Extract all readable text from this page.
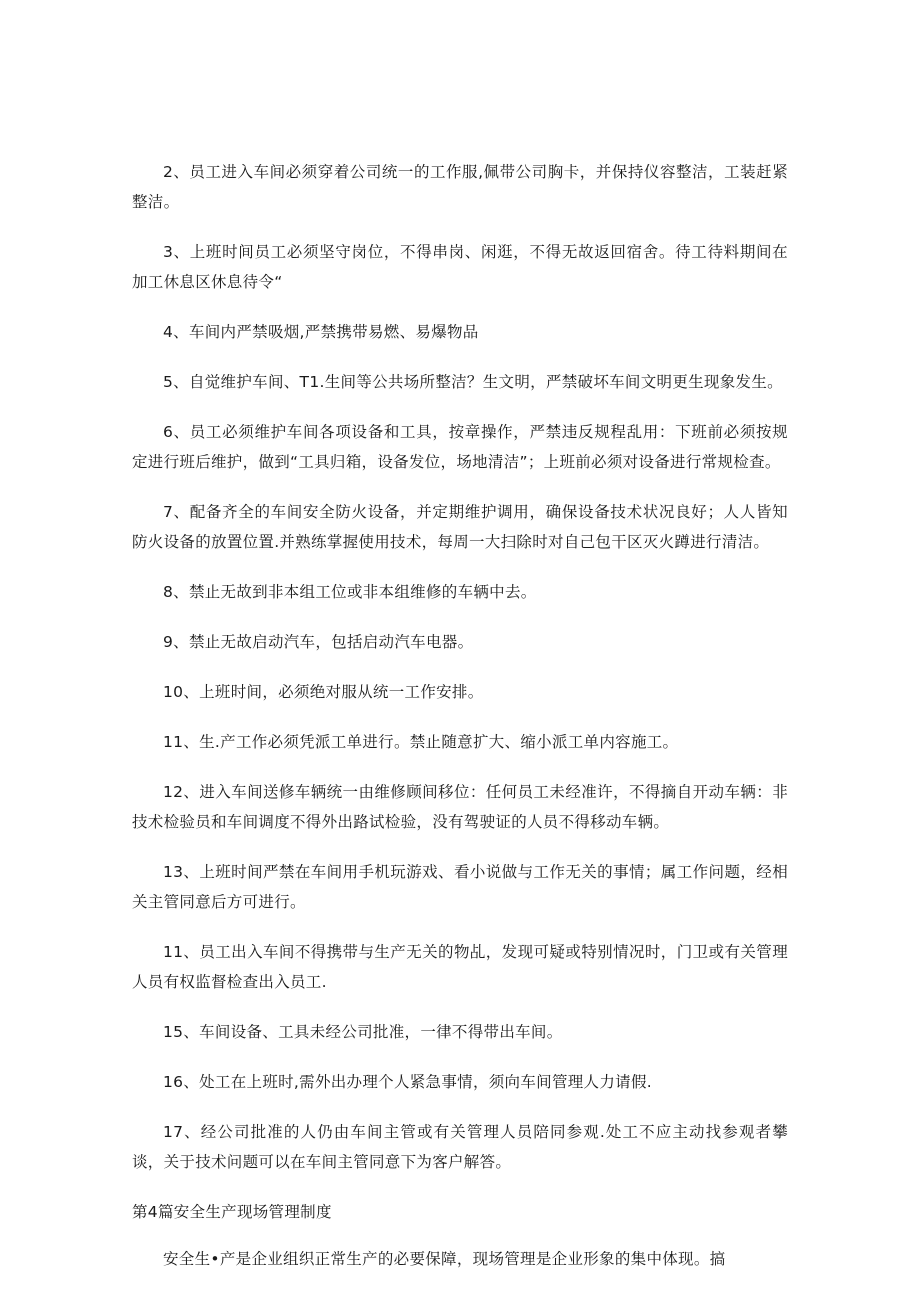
2、员工进入车间必须穿着公司统一的工作服,佩带公司胸卡，并保持仪容整洁，工装赶紧整洁。

3、上班时间员工必须坚守岗位，不得串岗、闲逛，不得无故返回宿舍。待工待料期间在加工休息区休息待令“

4、车间内严禁吸烟,严禁携带易燃、易爆物品

5、自觉维护车间、T1.生间等公共场所整洁？生文明，严禁破坏车间文明更生现象发生。

6、员工必须维护车间各项设备和工具，按章操作，严禁违反规程乱用：下班前必须按规定进行班后维护，做到“工具归箱，设备发位，场地清洁”；上班前必须对设备进行常规检查。

7、配备齐全的车间安全防火设备，并定期维护调用，确保设备技术状况良好；人人皆知防火设备的放置位置.并熟练掌握使用技术，每周一大扫除时对自己包干区灭火蹲进行清洁。

8、禁止无故到非本组工位或非本组维修的车辆中去。

9、禁止无故启动汽车，包括启动汽车电器。

10、上班时间，必须绝对服从统一工作安排。

11、生.产工作必须凭派工单进行。禁止随意扩大、缩小派工单内容施工。

12、进入车间送修车辆统一由维修顾间移位：任何员工未经准许，不得摘自开动车辆：非技术检验员和车间调度不得外出路试检验，没有驾驶证的人员不得移动车辆。

13、上班时间严禁在车间用手机玩游戏、看小说做与工作无关的事情；属工作问题，经相关主管同意后方可进行。

11、员工出入车间不得携带与生产无关的物乩，发现可疑或特别情况时，门卫或有关管理人员有权监督检查出入员工.

15、车间设备、工具未经公司批准，一律不得带出车间。

16、处工在上班时,需外出办理个人紧急事情，须向车间管理人力请假.

17、经公司批准的人仍由车间主管或有关管理人员陪同参观.处工不应主动找参观者攀谈，关于技术问题可以在车间主管同意下为客户解答。

第4篇安全生产现场管理制度

安全生•产是企业组织正常生产的必要保障，现场管理是企业形象的集中体现。搞
